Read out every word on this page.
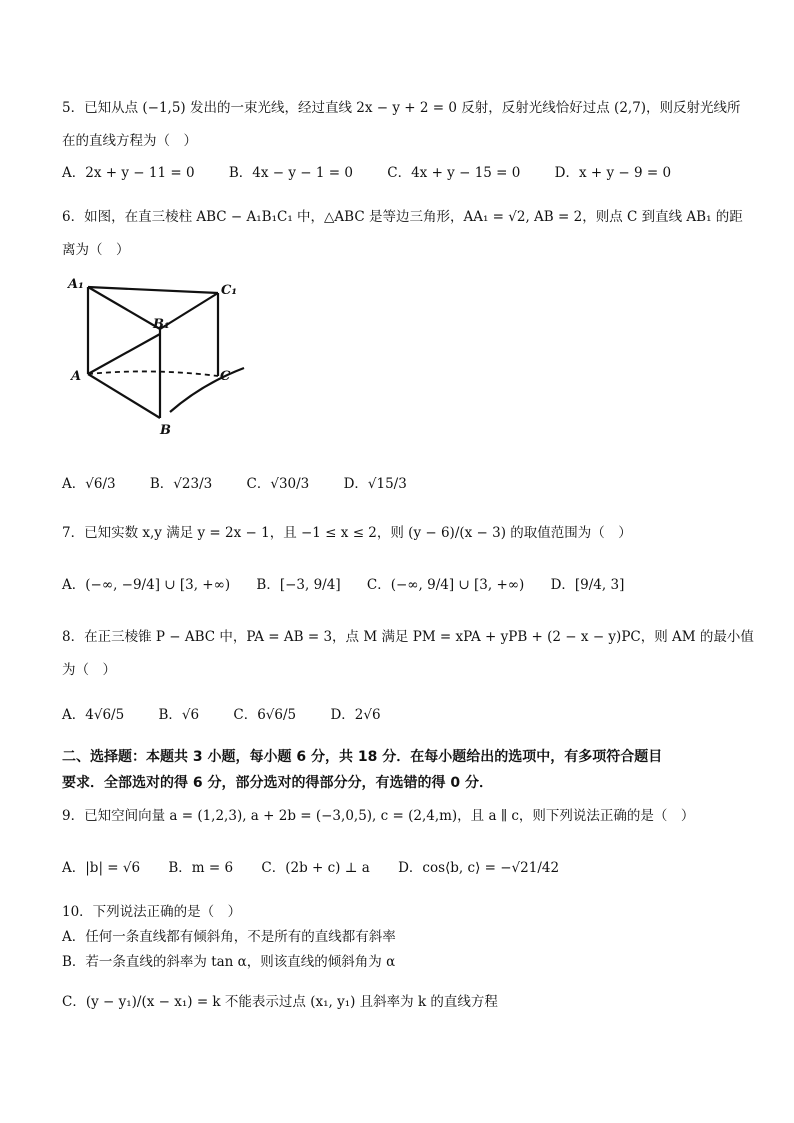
5．已知从点 (−1,5) 发出的一束光线，经过直线 2x − y + 2 = 0 反射，反射光线恰好过点 (2,7)，则反射光线所
在的直线方程为（　）
A．2x + y − 11 = 0	B．4x − y − 1 = 0	C．4x + y − 15 = 0	D．x + y − 9 = 0
6．如图，在直三棱柱 ABC − A₁B₁C₁ 中，△ABC 是等边三角形，AA₁ = √2, AB = 2，则点 C 到直线 AB₁ 的距
离为（　）
A₁	C₁
B₁
A	C
B
A．√6/3	B．√23/3	C．√30/3	D．√15/3
7．已知实数 x,y 满足 y = 2x − 1，且 −1 ≤ x ≤ 2，则 (y − 6)/(x − 3) 的取值范围为（　）
A．(−∞, −9/4] ∪ [3, +∞) B．[−3, 9/4] C．(−∞, 9/4] ∪ [3, +∞) D．[9/4, 3]
8．在正三棱锥 P − ABC 中，PA = AB = 3，点 M 满足 PM = xPA + yPB + (2 − x − y)PC，则 AM 的最小值
为（　）
A．4√6/5	B．√6	C．6√6/5	D．2√6
二、选择题：本题共 3 小题，每小题 6 分，共 18 分．在每小题给出的选项中，有多项符合题目
要求．全部选对的得 6 分，部分选对的得部分分，有选错的得 0 分．
9．已知空间向量 a = (1,2,3), a + 2b = (−3,0,5), c = (2,4,m)，且 a ∥ c，则下列说法正确的是（　）
A．|b| = √6 B．m = 6 C．(2b + c) ⊥ a D．cos⟨b, c⟩ = −√21/42
10．下列说法正确的是（　）
A．任何一条直线都有倾斜角，不是所有的直线都有斜率
B．若一条直线的斜率为 tan α，则该直线的倾斜角为 α
C．(y − y₁)/(x − x₁) = k 不能表示过点 (x₁, y₁) 且斜率为 k 的直线方程
